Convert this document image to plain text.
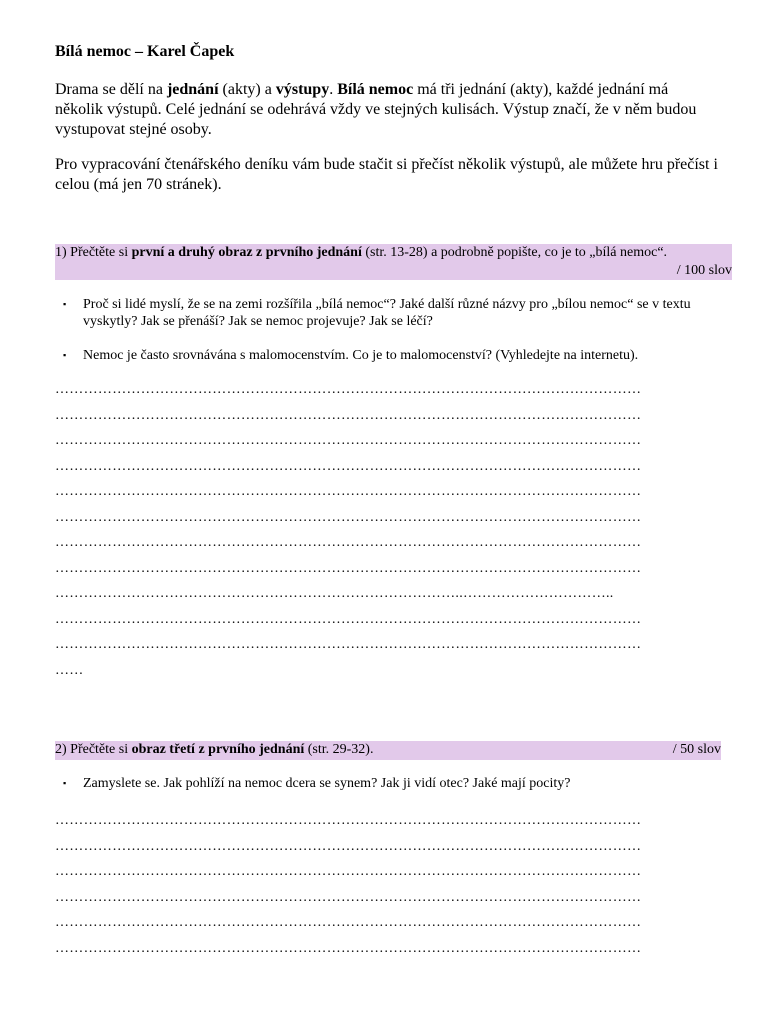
Bílá nemoc – Karel Čapek
Drama se dělí na jednání (akty) a výstupy. Bílá nemoc má tři jednání (akty), každé jednání má několik výstupů. Celé jednání se odehrává vždy ve stejných kulisách. Výstup značí, že v něm budou vystupovat stejné osoby.
Pro vypracování čtenářského deníku vám bude stačit si přečíst několik výstupů, ale můžete hru přečíst i celou (má jen 70 stránek).
1) Přečtěte si první a druhý obraz z prvního jednání (str. 13-28) a podrobně popište, co je to „bílá nemoc“.
/ 100 slov
▪	Proč si lidé myslí, že se na zemi rozšířila „bílá nemoc“? Jaké další různé názvy pro „bílou nemoc“ se v textu vyskytly? Jak se přenáší? Jak se nemoc projevuje? Jak se léčí?
▪	Nemoc je často srovnávána s malomocenstvím. Co je to malomocenství? (Vyhledejte na internetu).
……………………………………………………………………………………………………………
……………………………………………………………………………………………………………
……………………………………………………………………………………………………………
……………………………………………………………………………………………………………
……………………………………………………………………………………………………………
……………………………………………………………………………………………………………
……………………………………………………………………………………………………………
……………………………………………………………………………………………………………
…………………………………………………………………………..…………………………..
……………………………………………………………………………………………………………
……………………………………………………………………………………………………………
……
2) Přečtěte si obraz třetí z prvního jednání (str. 29-32).	/ 50 slov
▪	Zamyslete se. Jak pohlíží na nemoc dcera se synem? Jak ji vidí otec? Jaké mají pocity?
……………………………………………………………………………………………………………
……………………………………………………………………………………………………………
……………………………………………………………………………………………………………
……………………………………………………………………………………………………………
……………………………………………………………………………………………………………
……………………………………………………………………………………………………………
